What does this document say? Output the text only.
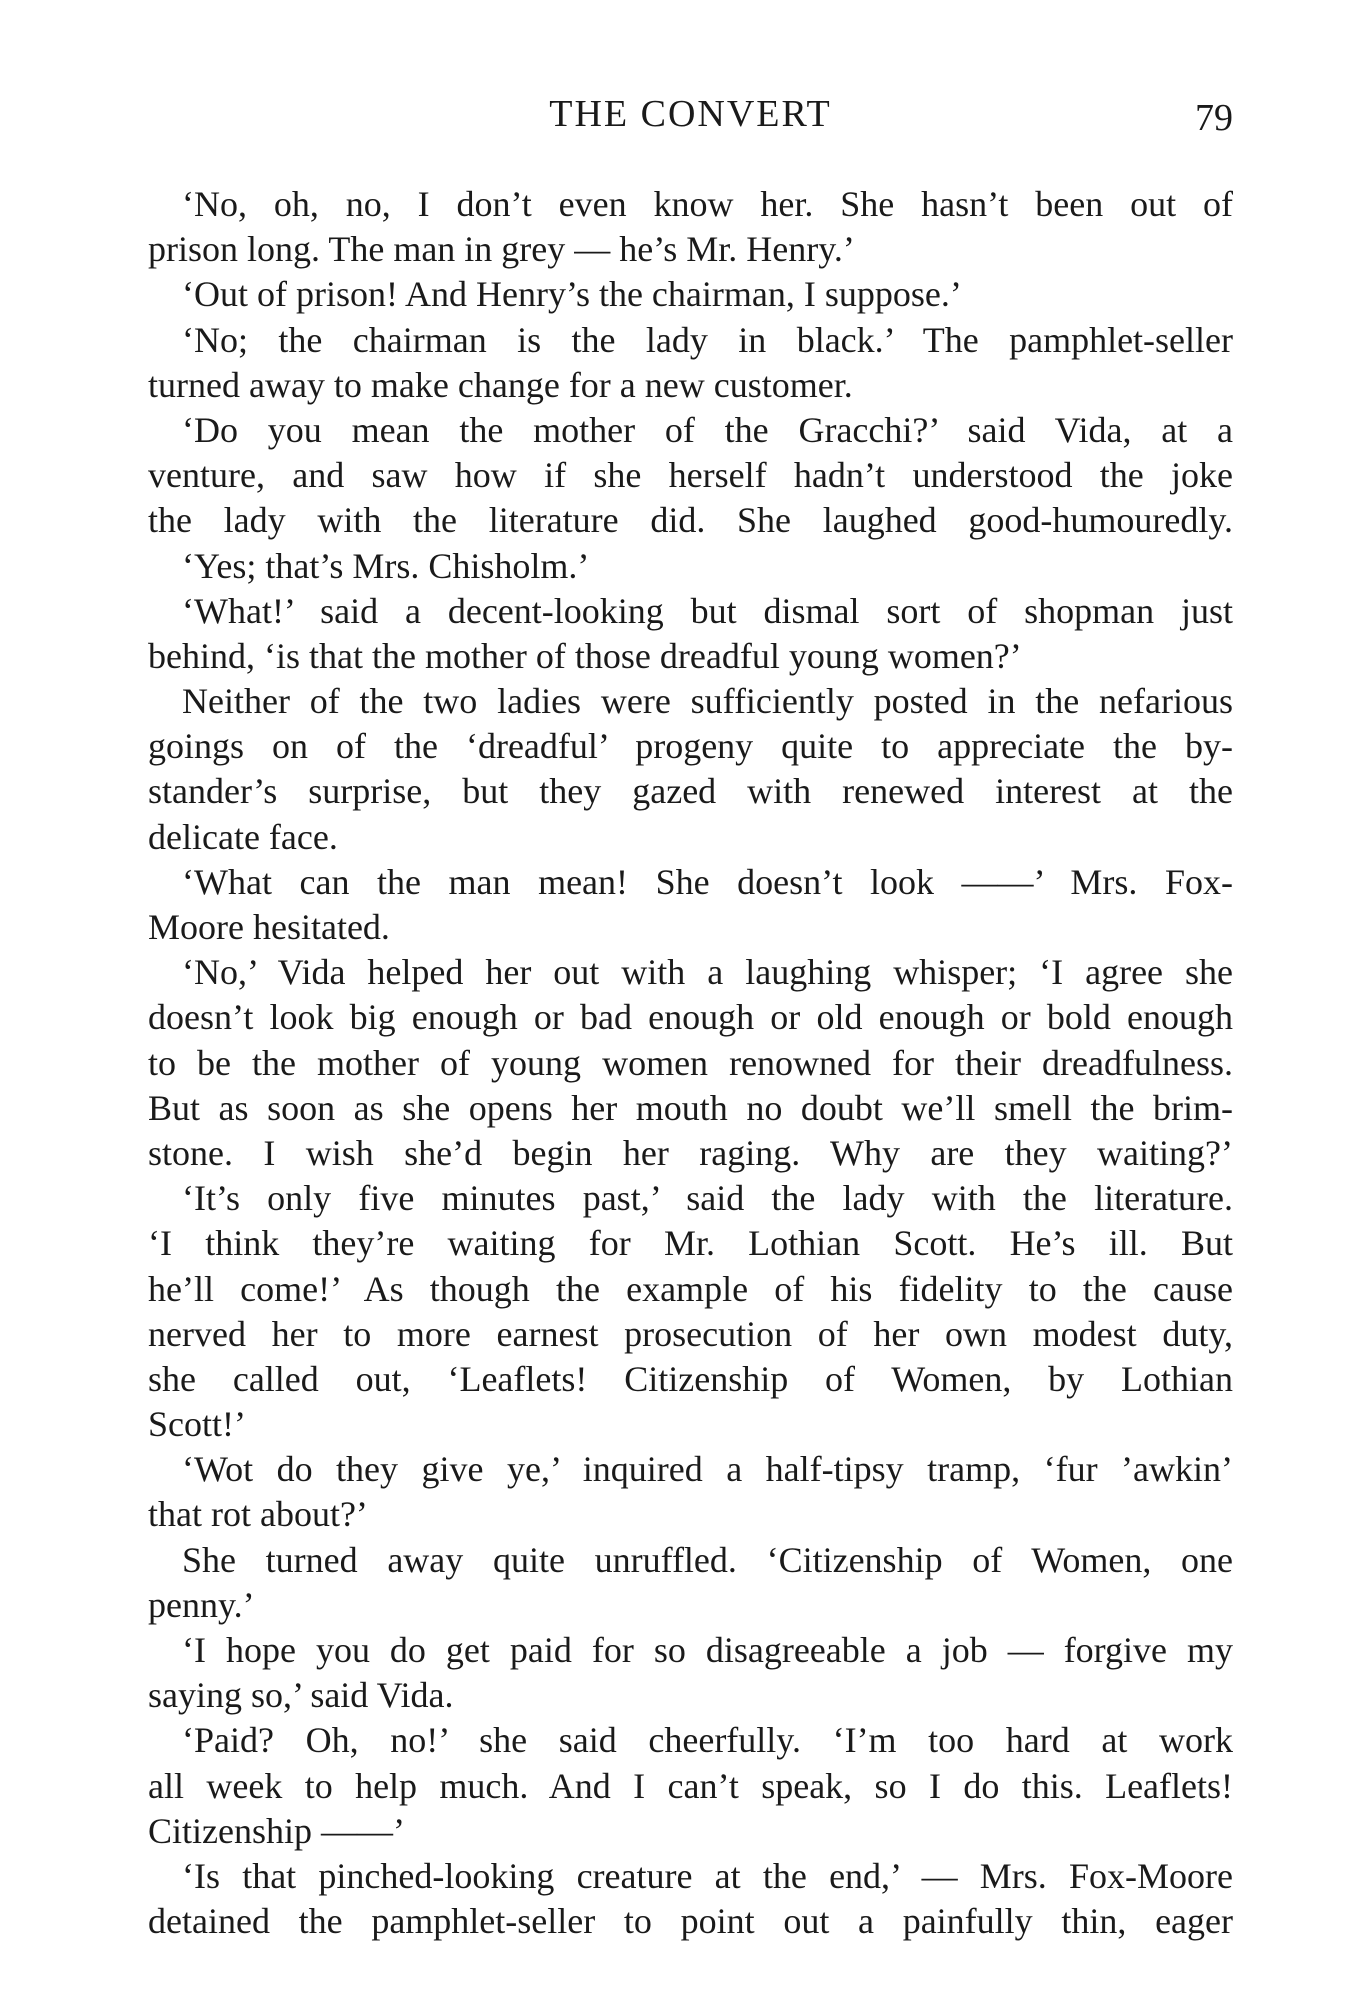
THE CONVERT	79
‘No, oh, no, I don’t even know her. She hasn’t been out of
prison long. The man in grey — he’s Mr. Henry.’
‘Out of prison! And Henry’s the chairman, I suppose.’
‘No; the chairman is the lady in black.’ The pamphlet-seller
turned away to make change for a new customer.
‘Do you mean the mother of the Gracchi?’ said Vida, at a
venture, and saw how if she herself hadn’t understood the joke
the lady with the literature did. She laughed good-humouredly.
‘Yes; that’s Mrs. Chisholm.’
‘What!’ said a decent-looking but dismal sort of shopman just
behind, ‘is that the mother of those dreadful young women?’
Neither of the two ladies were sufficiently posted in the nefarious
goings on of the ‘dreadful’ progeny quite to appreciate the by-
stander’s surprise, but they gazed with renewed interest at the
delicate face.
‘What can the man mean! She doesn’t look ——’ Mrs. Fox-
Moore hesitated.
‘No,’ Vida helped her out with a laughing whisper; ‘I agree she
doesn’t look big enough or bad enough or old enough or bold enough
to be the mother of young women renowned for their dreadfulness.
But as soon as she opens her mouth no doubt we’ll smell the brim-
stone. I wish she’d begin her raging. Why are they waiting?’
‘It’s only five minutes past,’ said the lady with the literature.
‘I think they’re waiting for Mr. Lothian Scott. He’s ill. But
he’ll come!’ As though the example of his fidelity to the cause
nerved her to more earnest prosecution of her own modest duty,
she called out, ‘Leaflets! Citizenship of Women, by Lothian
Scott!’
‘Wot do they give ye,’ inquired a half-tipsy tramp, ‘fur ’awkin’
that rot about?’
She turned away quite unruffled. ‘Citizenship of Women, one
penny.’
‘I hope you do get paid for so disagreeable a job — forgive my
saying so,’ said Vida.
‘Paid? Oh, no!’ she said cheerfully. ‘I’m too hard at work
all week to help much. And I can’t speak, so I do this. Leaflets!
Citizenship ——’
‘Is that pinched-looking creature at the end,’ — Mrs. Fox-Moore
detained the pamphlet-seller to point out a painfully thin, eager
